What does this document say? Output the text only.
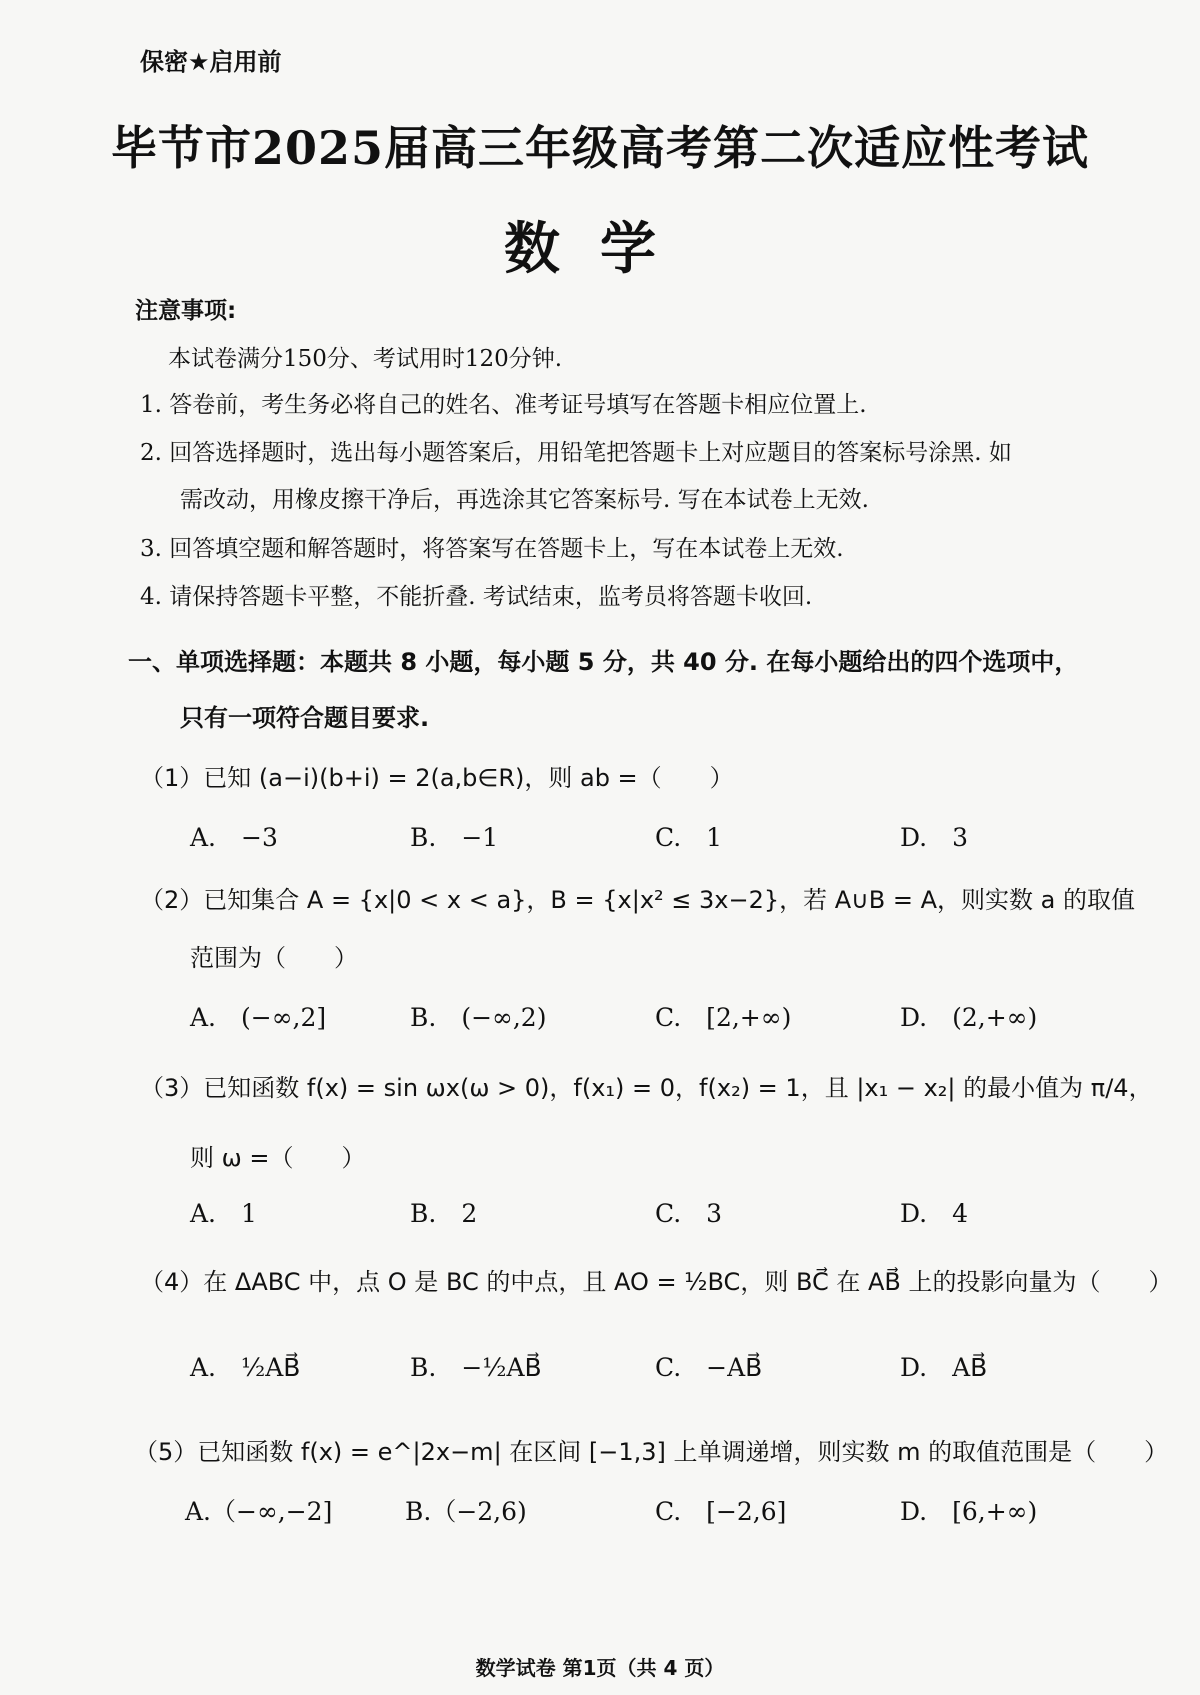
保密★启用前
毕节市2025届高三年级高考第二次适应性考试
数学
注意事项:
本试卷满分150分、考试用时120分钟.
1. 答卷前，考生务必将自己的姓名、准考证号填写在答题卡相应位置上.
2. 回答选择题时，选出每小题答案后，用铅笔把答题卡上对应题目的答案标号涂黑. 如
需改动，用橡皮擦干净后，再选涂其它答案标号. 写在本试卷上无效.
3. 回答填空题和解答题时，将答案写在答题卡上，写在本试卷上无效.
4. 请保持答题卡平整，不能折叠. 考试结束，监考员将答题卡收回.
一、单项选择题：本题共 8 小题，每小题 5 分，共 40 分. 在每小题给出的四个选项中，
只有一项符合题目要求.
（1）已知 (a−i)(b+i) = 2(a,b∈R)，则 ab =（　　）
A.　−3	B.　−1	C.　1	D.　3
（2）已知集合 A = {x|0 < x < a}，B = {x|x² ≤ 3x−2}，若 A∪B = A，则实数 a 的取值
范围为（　　）
A.　(−∞,2]	B.　(−∞,2)	C.　[2,+∞)	D.　(2,+∞)
（3）已知函数 f(x) = sin ωx(ω > 0)，f(x₁) = 0，f(x₂) = 1，且 |x₁ − x₂| 的最小值为 π/4，
则 ω =（　　）
A.　1	B.　2	C.　3	D.　4
（4）在 ΔABC 中，点 O 是 BC 的中点，且 AO = ½BC，则 BC⃗ 在 AB⃗ 上的投影向量为（　　）
A.　½AB⃗	B.　−½AB⃗	C.　−AB⃗	D.　AB⃗
（5）已知函数 f(x) = e^|2x−m| 在区间 [−1,3] 上单调递增，则实数 m 的取值范围是（　　）
A.（−∞,−2]	B.（−2,6)	C.　[−2,6]	D.　[6,+∞)
数学试卷 第1页（共 4 页）
